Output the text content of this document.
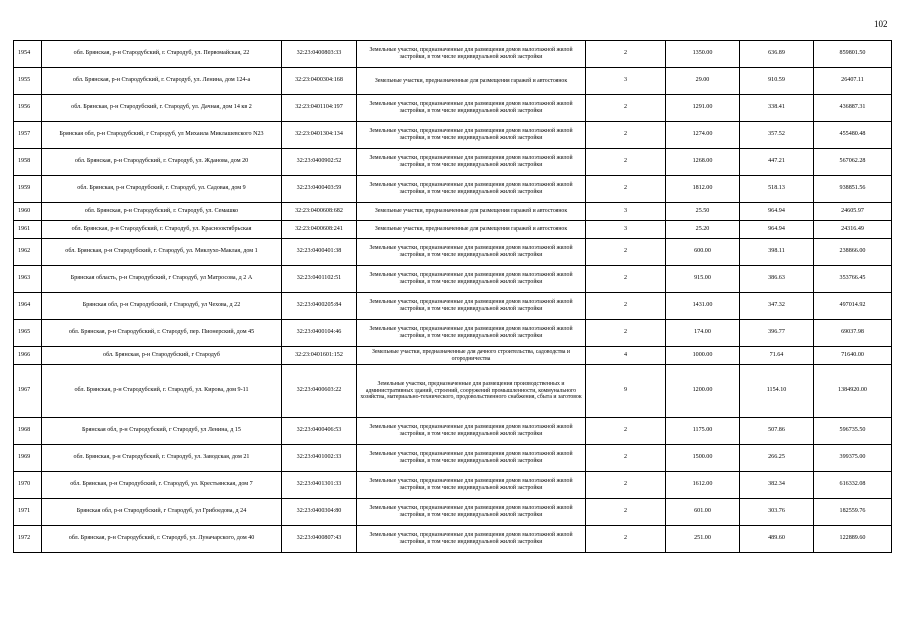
102
1954	обл. Брянская, р-н Стародубский, г. Стародуб, ул. Первомайская, 22	32:23:0400803:33	Земельные участки, предназначенные для размещения домов малоэтажной жилой застройки, в том числе индивидуальной жилой застройки	2	1350.00	636.89	859801.50
1955	обл. Брянская, р-н Стародубский, г. Стародуб, ул. Ленина, дом 124-а	32:23:0400304:168	Земельные участки, предназначенные для размещения гаражей и автостоянок	3	29.00	910.59	26407.11
1956	обл. Брянская, р-н Стародубский, г. Стародуб, ул. Дачная, дом 14 кв 2	32:23:0401104:197	Земельные участки, предназначенные для размещения домов малоэтажной жилой застройки, в том числе индивидуальной жилой застройки	2	1291.00	338.41	436887.31
1957	Брянская обл, р-н Стародубский, г Стародуб, ул Михаила Миклашевского N23	32:23:0401304:134	Земельные участки, предназначенные для размещения домов малоэтажной жилой застройки, в том числе индивидуальной жилой застройки	2	1274.00	357.52	455480.48
1958	обл. Брянская, р-н Стародубский, г. Стародуб, ул. Жданова, дом 20	32:23:0400902:52	Земельные участки, предназначенные для размещения домов малоэтажной жилой застройки, в том числе индивидуальной жилой застройки	2	1268.00	447.21	567062.28
1959	обл. Брянская, р-н Стародубский, г. Стародуб, ул. Садовая, дом 9	32:23:0400403:59	Земельные участки, предназначенные для размещения домов малоэтажной жилой застройки, в том числе индивидуальной жилой застройки	2	1812.00	518.13	938851.56
1960	обл. Брянская, р-н Стародубский, г. Стародуб, ул. Семашко	32:23:0400608:682	Земельные участки, предназначенные для размещения гаражей и автостоянок	3	25.50	964.94	24605.97
1961	обл. Брянская, р-н Стародубский, г. Стародуб, ул. Краснооктябрьская	32:23:0400608:241	Земельные участки, предназначенные для размещения гаражей и автостоянок	3	25.20	964.94	24316.49
1962	обл. Брянская, р-н Стародубский, г. Стародуб, ул. Миклухо-Маклая, дом 1	32:23:0400401:38	Земельные участки, предназначенные для размещения домов малоэтажной жилой застройки, в том числе индивидуальной жилой застройки	2	600.00	398.11	238866.00
1963	Брянская область, р-н Стародубский, г Стародуб, ул Матросова, д 2 А	32:23:0401102:51	Земельные участки, предназначенные для размещения домов малоэтажной жилой застройки, в том числе индивидуальной жилой застройки	2	915.00	386.63	353766.45
1964	Брянская обл, р-н Стародубский, г Стародуб, ул Чехова, д 22	32:23:0400205:84	Земельные участки, предназначенные для размещения домов малоэтажной жилой застройки, в том числе индивидуальной жилой застройки	2	1431.00	347.32	497014.92
1965	обл. Брянская, р-н Стародубский, г. Стародуб, пер. Пионерский, дом 45	32:23:0400104:46	Земельные участки, предназначенные для размещения домов малоэтажной жилой застройки, в том числе индивидуальной жилой застройки	2	174.00	396.77	69037.98
1966	обл. Брянская, р-н Стародубский, г Стародуб	32:23:0401601:152	Земельные участки, предназначенные для дачного строительства, садоводства и огородничества	4	1000.00	71.64	71640.00
1967	обл. Брянская, р-н Стародубский, г. Стародуб, ул. Кирова, дом 9-11	32:23:0400603:22	Земельные участки, предназначенные для размещения производственных и административных зданий, строений, сооружений промышленности, коммунального хозяйства, материально-технического, продовольственного снабжения, сбыта и заготовок	9	1200.00	1154.10	1384920.00
1968	Брянская обл, р-н Стародубский, г Стародуб, ул Ленина, д 15	32:23:0400406:53	Земельные участки, предназначенные для размещения домов малоэтажной жилой застройки, в том числе индивидуальной жилой застройки	2	1175.00	507.86	596735.50
1969	обл. Брянская, р-н Стародубский, г. Стародуб, ул. Заводская, дом 21	32:23:0401002:33	Земельные участки, предназначенные для размещения домов малоэтажной жилой застройки, в том числе индивидуальной жилой застройки	2	1500.00	266.25	399375.00
1970	обл. Брянская, р-н Стародубский, г. Стародуб, ул. Крестьянская, дом 7	32:23:0401301:33	Земельные участки, предназначенные для размещения домов малоэтажной жилой застройки, в том числе индивидуальной жилой застройки	2	1612.00	382.34	616332.08
1971	Брянская обл, р-н Стародубский, г Стародуб, ул Грибоедова, д 24	32:23:0400304:80	Земельные участки, предназначенные для размещения домов малоэтажной жилой застройки, в том числе индивидуальной жилой застройки	2	601.00	303.76	182559.76
1972	обл. Брянская, р-н Стародубский, г. Стародуб, ул. Луначарского, дом 40	32:23:0400807:43	Земельные участки, предназначенные для размещения домов малоэтажной жилой застройки, в том числе индивидуальной жилой застройки	2	251.00	489.60	122889.60
